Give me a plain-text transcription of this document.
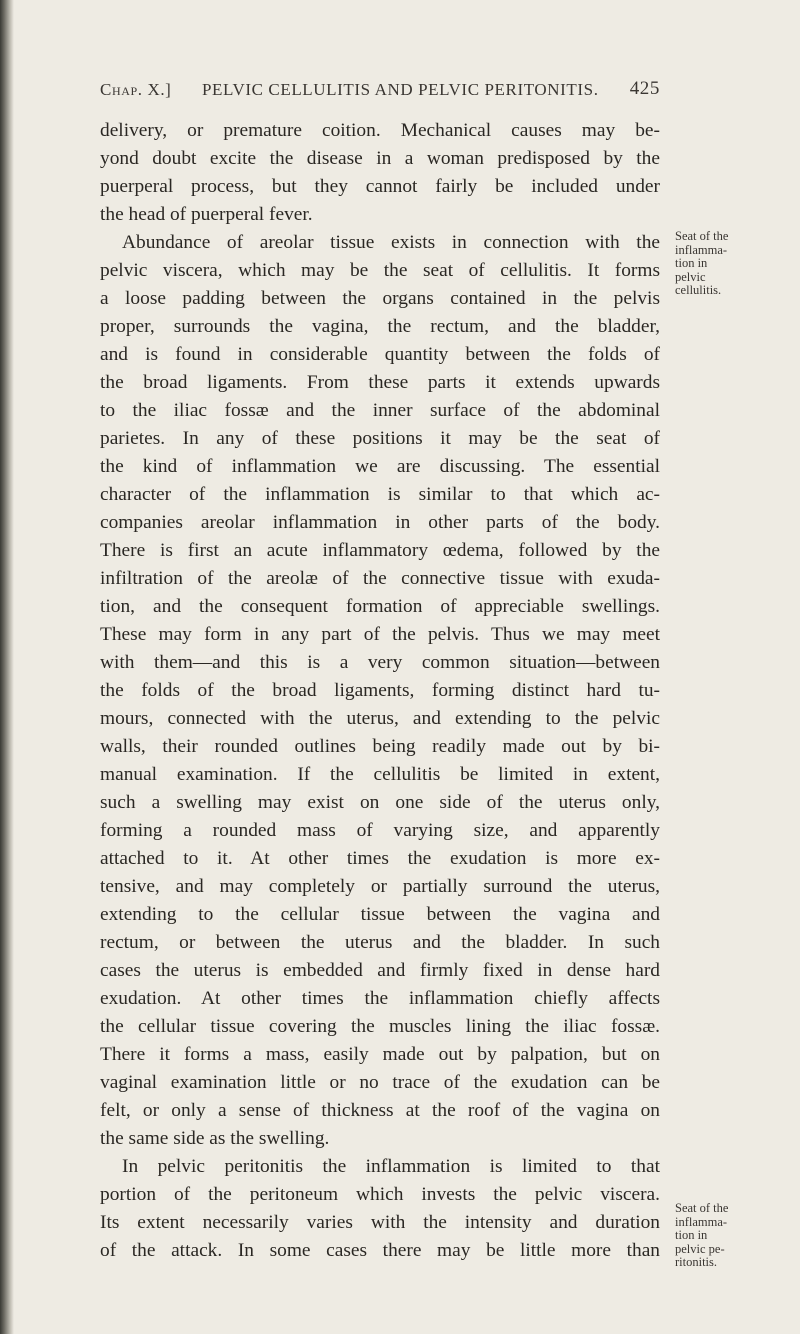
Chap. X.] PELVIC CELLULITIS AND PELVIC PERITONITIS. 425
delivery, or premature coition. Mechanical causes may be-
yond doubt excite the disease in a woman predisposed by the
puerperal process, but they cannot fairly be included under
the head of puerperal fever.
Abundance of areolar tissue exists in connection with the
pelvic viscera, which may be the seat of cellulitis. It forms
a loose padding between the organs contained in the pelvis
proper, surrounds the vagina, the rectum, and the bladder,
and is found in considerable quantity between the folds of
the broad ligaments. From these parts it extends upwards
to the iliac fossæ and the inner surface of the abdominal
parietes. In any of these positions it may be the seat of
the kind of inflammation we are discussing. The essential
character of the inflammation is similar to that which ac-
companies areolar inflammation in other parts of the body.
There is first an acute inflammatory œdema, followed by the
infiltration of the areolæ of the connective tissue with exuda-
tion, and the consequent formation of appreciable swellings.
These may form in any part of the pelvis. Thus we may meet
with them—and this is a very common situation—between
the folds of the broad ligaments, forming distinct hard tu-
mours, connected with the uterus, and extending to the pelvic
walls, their rounded outlines being readily made out by bi-
manual examination. If the cellulitis be limited in extent,
such a swelling may exist on one side of the uterus only,
forming a rounded mass of varying size, and apparently
attached to it. At other times the exudation is more ex-
tensive, and may completely or partially surround the uterus,
extending to the cellular tissue between the vagina and
rectum, or between the uterus and the bladder. In such
cases the uterus is embedded and firmly fixed in dense hard
exudation. At other times the inflammation chiefly affects
the cellular tissue covering the muscles lining the iliac fossæ.
There it forms a mass, easily made out by palpation, but on
vaginal examination little or no trace of the exudation can be
felt, or only a sense of thickness at the roof of the vagina on
the same side as the swelling.
In pelvic peritonitis the inflammation is limited to that
portion of the peritoneum which invests the pelvic viscera.
Its extent necessarily varies with the intensity and duration
of the attack. In some cases there may be little more than
Seat of the
inflamma-
tion in
pelvic
cellulitis.
Seat of the
inflamma-
tion in
pelvic pe-
ritonitis.
